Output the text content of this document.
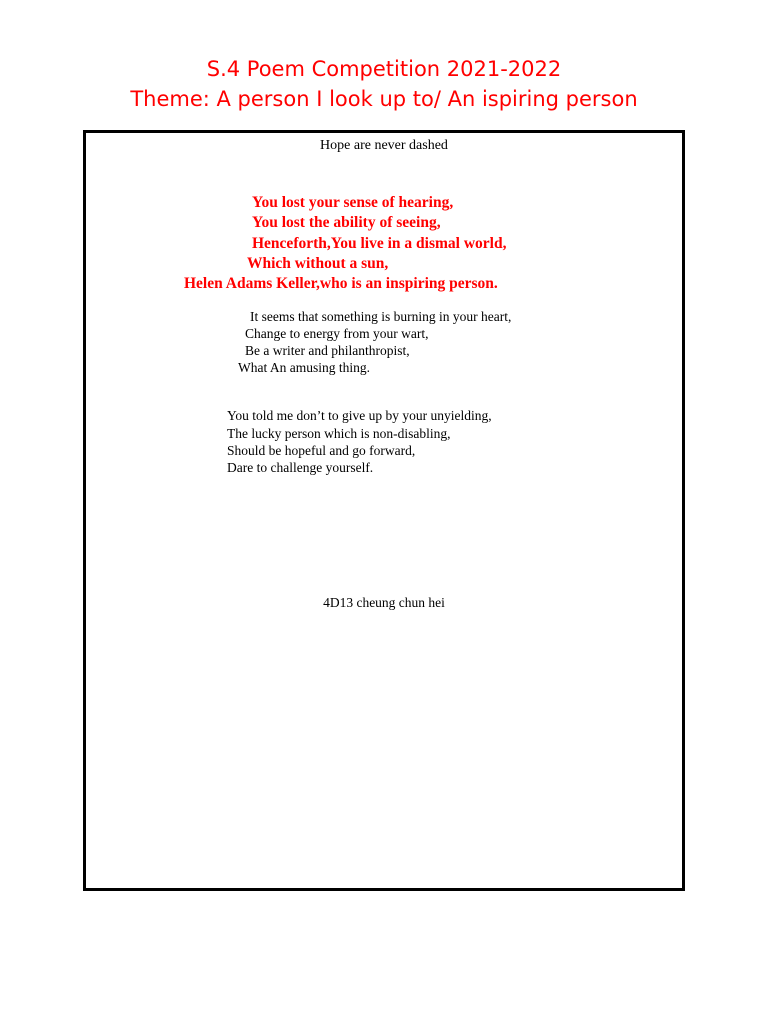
S.4 Poem Competition 2021-2022
Theme: A person I look up to/ An ispiring person
Hope are never dashed
You lost your sense of hearing,
You lost the ability of seeing,
Henceforth,You live in a dismal world,
Which without a sun,
Helen Adams Keller,who is an inspiring person.
It seems that something is burning in your heart,
Change to energy from your wart,
Be a writer and philanthropist,
What An amusing thing.
You told me don’t to give up by your unyielding,
The lucky person which is non-disabling,
Should be hopeful and go forward,
Dare to challenge yourself.
4D13 cheung chun hei
